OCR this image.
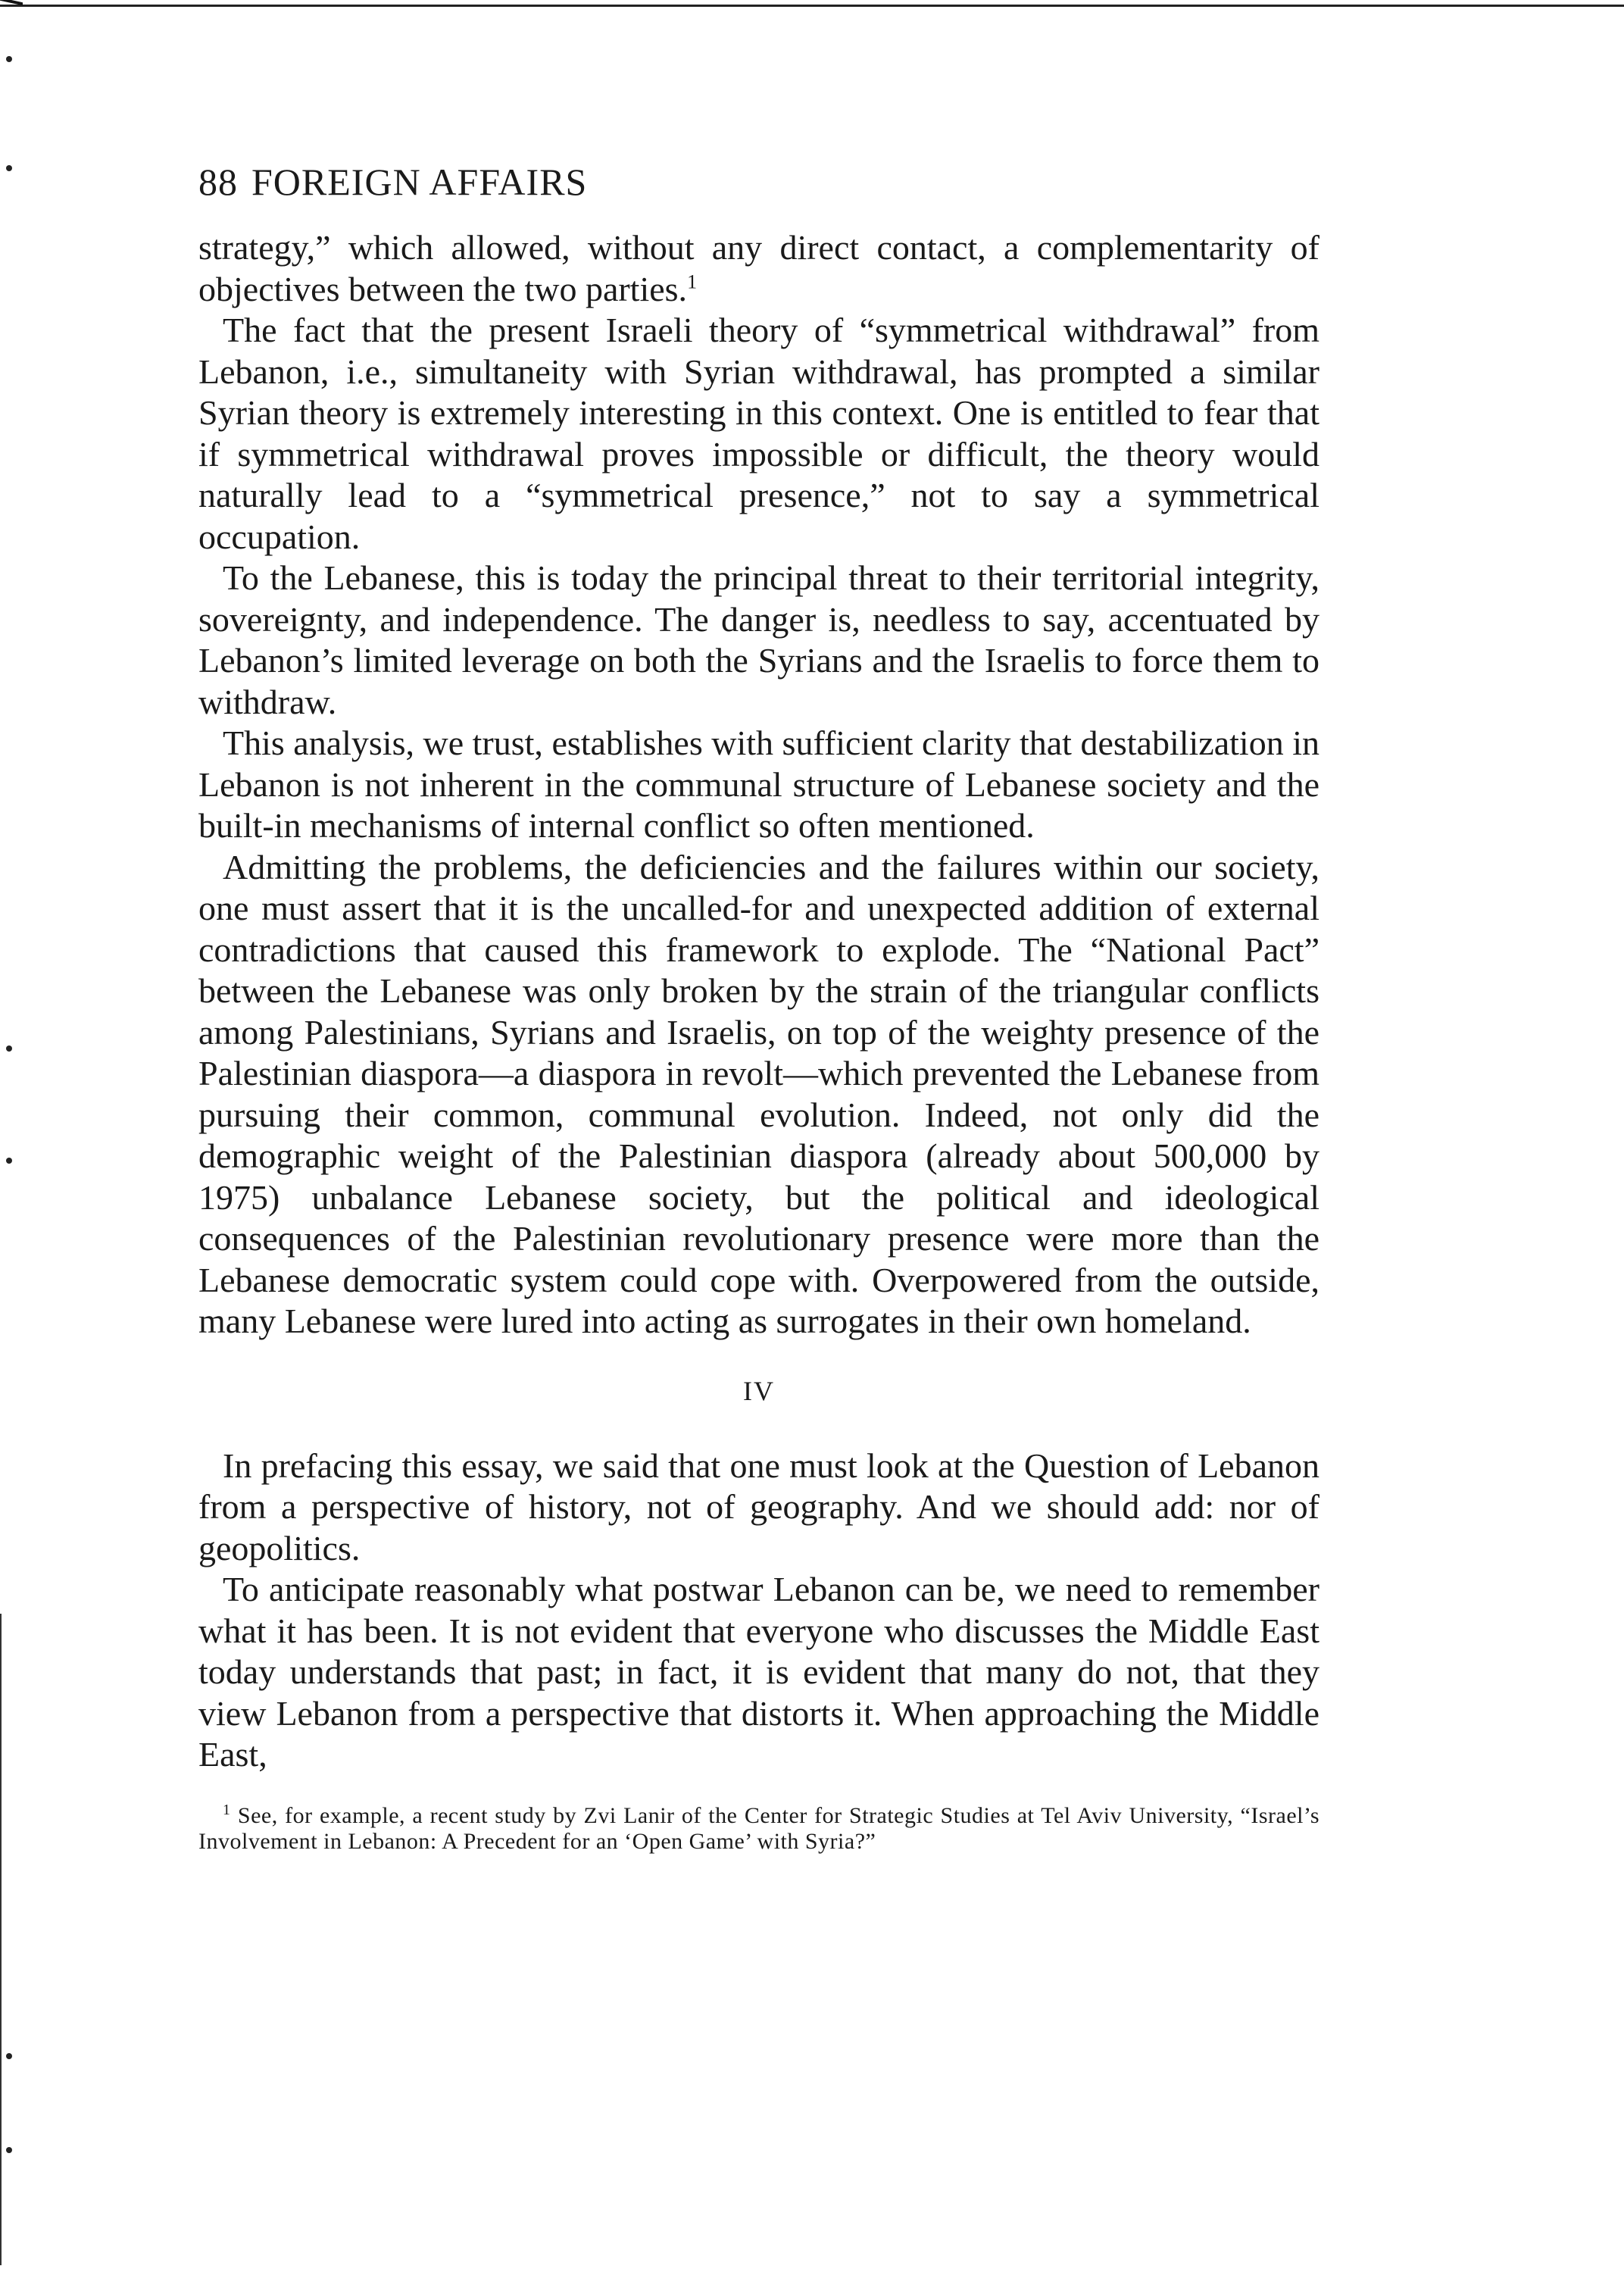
88 FOREIGN AFFAIRS

strategy,” which allowed, without any direct contact, a complementarity of objectives between the two parties.$^1$

The fact that the present Israeli theory of “symmetrical withdrawal” from Lebanon, i.e., simultaneity with Syrian withdrawal, has prompted a similar Syrian theory is extremely interesting in this context. One is entitled to fear that if symmetrical withdrawal proves impossible or difficult, the theory would naturally lead to a “symmetrical presence,” not to say a symmetrical occupation.

To the Lebanese, this is today the principal threat to their territorial integrity, sovereignty, and independence. The danger is, needless to say, accentuated by Lebanon’s limited leverage on both the Syrians and the Israelis to force them to withdraw.

This analysis, we trust, establishes with sufficient clarity that destabilization in Lebanon is not inherent in the communal structure of Lebanese society and the built-in mechanisms of internal conflict so often mentioned.

Admitting the problems, the deficiencies and the failures within our society, one must assert that it is the uncalled-for and unexpected addition of external contradictions that caused this framework to explode. The “National Pact” between the Lebanese was only broken by the strain of the triangular conflicts among Palestinians, Syrians and Israelis, on top of the weighty presence of the Palestinian diaspora—a diaspora in revolt—which prevented the Lebanese from pursuing their common, communal evolution. Indeed, not only did the demographic weight of the Palestinian diaspora (already about 500,000 by 1975) unbalance Lebanese society, but the political and ideological consequences of the Palestinian revolutionary presence were more than the Lebanese democratic system could cope with. Overpowered from the outside, many Lebanese were lured into acting as surrogates in their own homeland.

IV

In prefacing this essay, we said that one must look at the Question of Lebanon from a perspective of history, not of geography. And we should add: nor of geopolitics.

To anticipate reasonably what postwar Lebanon can be, we need to remember what it has been. It is not evident that everyone who discusses the Middle East today understands that past; in fact, it is evident that many do not, that they view Lebanon from a perspective that distorts it. When approaching the Middle East,

$^1$ See, for example, a recent study by Zvi Lanir of the Center for Strategic Studies at Tel Aviv University, “Israel’s Involvement in Lebanon: A Precedent for an ‘Open Game’ with Syria?”
